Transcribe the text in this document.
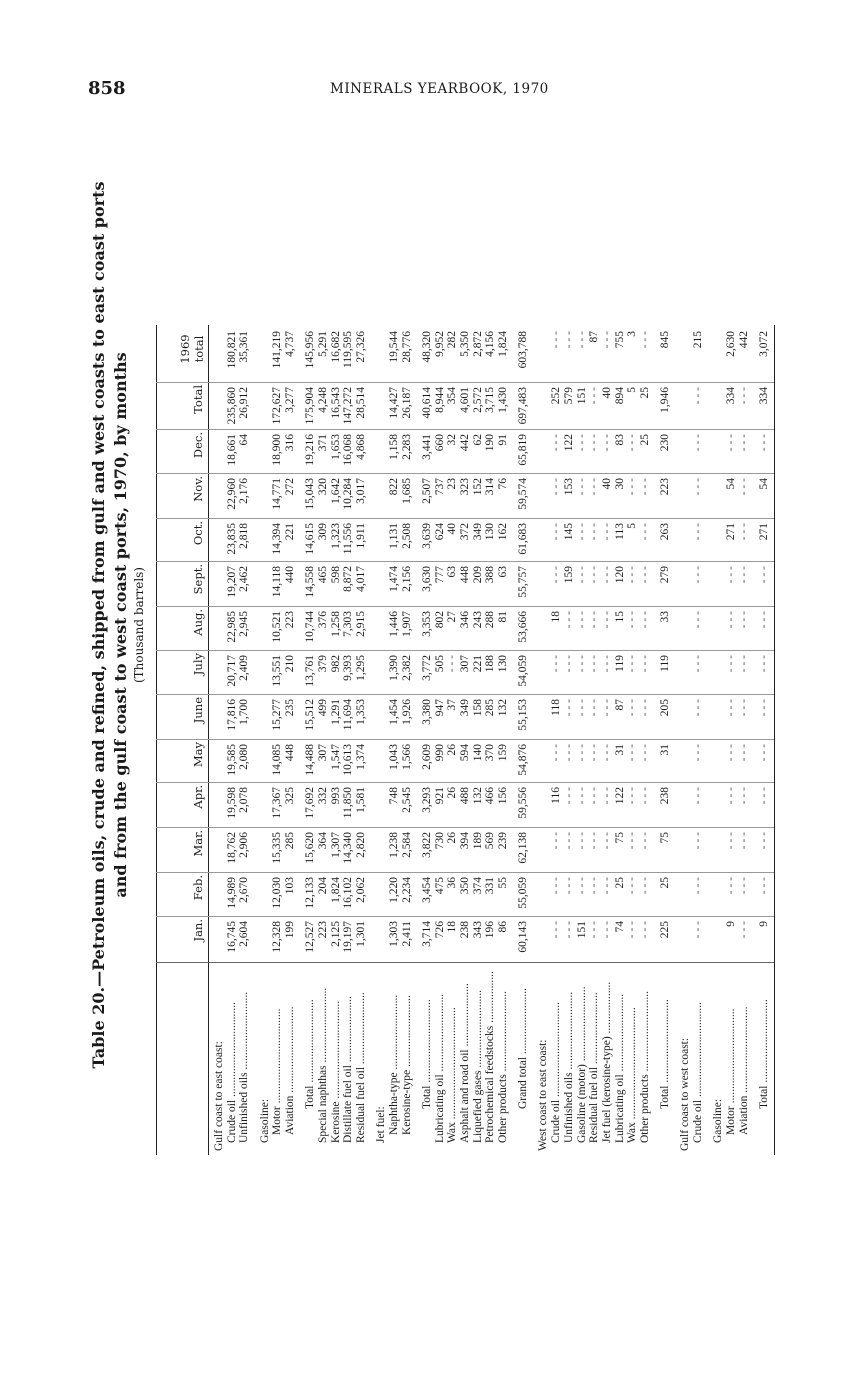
858	MINERALS YEARBOOK, 1970
Table 20.—Petroleum oils, crude and refined, shipped from gulf and west coasts to east coast ports and from the gulf coast to west coast ports, 1970, by months (Thousand barrels)
Jan.
Feb.
Mar.
Apr.
May
June
July
Aug.
Sept.
Oct.
Nov.
Dec.
Total
1969 total
Gulf coast to east coast: Crude oil .................................
16,745
14,989
18,762
19,598
19,585
17,816
20,717
22,985
19,207
23,835
22,960
18,661
235,860
180,821
Unfinished oils ...........................
2,604
2,670
2,906
2,078
2,080
1,700
2,409
2,945
2,462
2,818
2,176
64
26,912
35,361
Gasoline: Motor .................................
12,328
12,030
15,335
17,367
14,085
15,277
13,551
10,521
14,118
14,394
14,771
18,900
172,627
141,219
Aviation ..............................
199
103
285
325
448
235
210
223
440
221
272
316
3,277
4,737
Total .............................
12,527
12,133
15,620
17,692
14,488
15,512
13,761
10,744
14,558
14,615
15,043
19,216
175,904
145,956
Special naphthas ..........................
223
204
364
332
307
499
379
376
465
309
320
371
4,248
5,291
Kerosine ..................................
2,125
1,824
1,307
993
1,547
1,291
982
1,258
598
1,323
1,642
1,653
16,543
16,682
Distillate fuel oil .......................
19,197
16,102
14,340
11,850
10,613
11,694
9,393
7,303
8,872
11,556
10,284
16,068
147,272
119,595
Residual fuel oil .........................
1,301
2,062
2,820
1,581
1,374
1,353
1,295
2,915
4,017
1,911
3,017
4,868
28,514
27,326
Jet fuel: Naphtha-type ..........................
1,303
1,220
1,238
748
1,043
1,454
1,390
1,446
1,474
1,131
822
1,158
14,427
19,544
Kerosine-type .........................
2,411
2,234
2,584
2,545
1,566
1,926
2,382
1,907
2,156
2,508
1,685
2,283
26,187
28,776
Total .............................
3,714
3,454
3,822
3,293
2,609
3,380
3,772
3,353
3,630
3,639
2,507
3,441
40,614
48,320
Lubricating oil ...........................
726
475
730
921
990
947
505
802
777
624
737
660
8,944
9,952
Wax .......................................
18
36
26
26
26
37
- - -
27
63
40
23
32
354
282
Asphalt and road oil ......................
238
350
394
488
594
349
307
346
448
372
323
442
4,601
5,350
Liquefied gases ...........................
343
374
189
132
140
158
221
243
209
349
152
62
2,572
2,872
Petrochemical feedstocks ..................
196
331
569
466
370
285
188
288
388
130
314
190
3,715
4,156
Other products ............................
86
55
239
156
159
132
130
81
63
162
76
91
1,430
1,824
Grand total .......................
60,143
55,059
62,138
59,556
54,876
55,153
54,059
53,666
55,757
61,683
59,574
65,819
697,483
603,788
West coast to east coast: Crude oil .................................
- - -
- - -
- - -
116
- - -
118
- - -
18
- - -
- - -
- - -
- - -
252
- - -
Unfinished oils ...........................
- - -
- - -
- - -
- - -
- - -
- - -
- - -
- - -
159
145
153
122
579
- - -
Gasoline (motor) ..........................
151
- - -
- - -
- - -
- - -
- - -
- - -
- - -
- - -
- - -
- - -
- - -
151
- - -
Residual fuel oil .........................
- - -
- - -
- - -
- - -
- - -
- - -
- - -
- - -
- - -
- - -
- - -
- - -
- - -
87
Jet fuel (kerosine-type) ..................
- - -
- - -
- - -
- - -
- - -
- - -
- - -
- - -
- - -
- - -
40
- - -
40
- - -
Lubricating oil ...........................
74
25
75
122
31
87
119
15
120
113
30
83
894
755
Wax .......................................
- - -
- - -
- - -
- - -
- - -
- - -
- - -
- - -
- - -
5
- - -
- - -
5
3
Other products ............................
- - -
- - -
- - -
- - -
- - -
- - -
- - -
- - -
- - -
- - -
- - -
25
25
- - -
Total .............................
225
25
75
238
31
205
119
33
279
263
223
230
1,946
845
Gulf coast to west coast: Crude oil .................................
- - -
- - -
- - -
- - -
- - -
- - -
- - -
- - -
- - -
- - -
- - -
- - -
- - -
215
Gasoline: Motor .................................
9
- - -
- - -
- - -
- - -
- - -
- - -
- - -
- - -
271
54
- - -
334
2,630
Aviation ..............................
- - -
- - -
- - -
- - -
- - -
- - -
- - -
- - -
- - -
- - -
- - -
- - -
- - -
442
Total .............................
9
- - -
- - -
- - -
- - -
- - -
- - -
- - -
- - -
271
54
- - -
334
3,072
